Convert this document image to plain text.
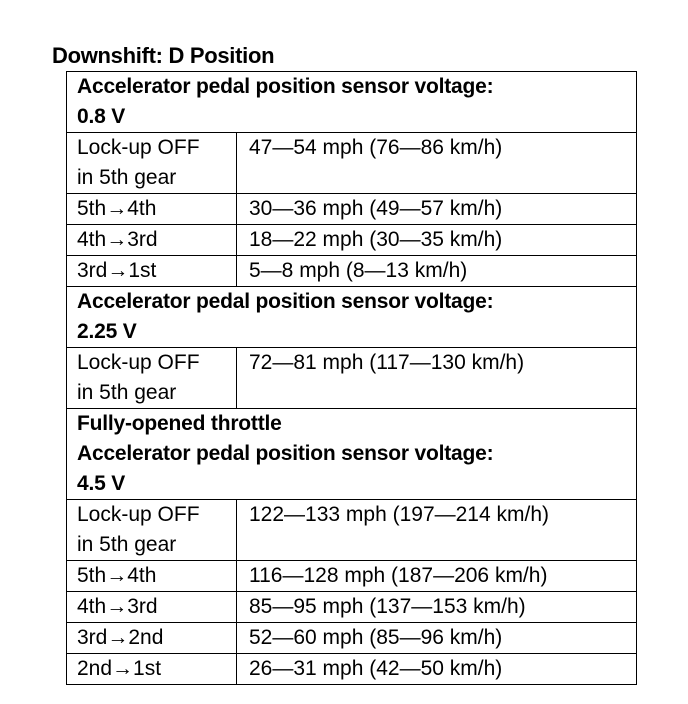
Downshift: D Position
Accelerator pedal position sensor voltage:
0.8 V	
Lock-up OFF
in 5th gear	47—54 mph (76—86 km/h)
5th→4th	30—36 mph (49—57 km/h)
4th→3rd	18—22 mph (30—35 km/h)
3rd→1st	5—8 mph (8—13 km/h)
Accelerator pedal position sensor voltage:
2.25 V	
Lock-up OFF
in 5th gear	72—81 mph (117—130 km/h)
Fully-opened throttle
Accelerator pedal position sensor voltage:
4.5 V	
Lock-up OFF
in 5th gear	122—133 mph (197—214 km/h)
5th→4th	116—128 mph (187—206 km/h)
4th→3rd	85—95 mph (137—153 km/h)
3rd→2nd	52—60 mph (85—96 km/h)
2nd→1st	26—31 mph (42—50 km/h)
